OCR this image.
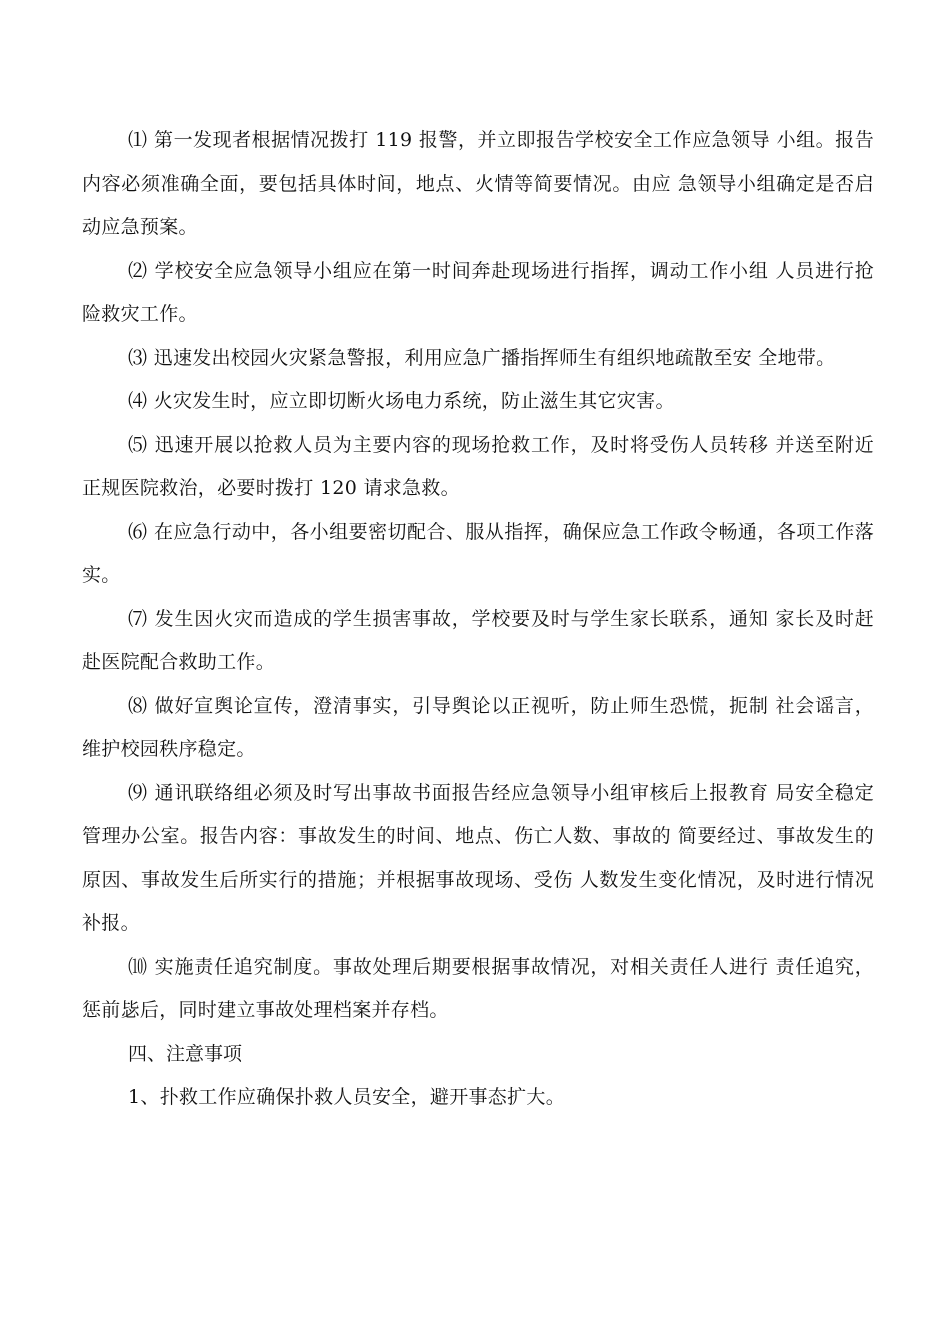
⑴ 第一发现者根据情况拨打 119 报警，并立即报告学校安全工作应急领导 小组。报告内容必须准确全面，要包括具体时间，地点、火情等简要情况。由应 急领导小组确定是否启动应急预案。

⑵ 学校安全应急领导小组应在第一时间奔赴现场进行指挥，调动工作小组 人员进行抢险救灾工作。

⑶ 迅速发出校园火灾紧急警报，利用应急广播指挥师生有组织地疏散至安 全地带。

⑷ 火灾发生时，应立即切断火场电力系统，防止滋生其它灾害。

⑸ 迅速开展以抢救人员为主要内容的现场抢救工作，及时将受伤人员转移 并送至附近正规医院救治，必要时拨打 120 请求急救。

⑹ 在应急行动中，各小组要密切配合、服从指挥，确保应急工作政令畅通，各项工作落实。

⑺ 发生因火灾而造成的学生损害事故，学校要及时与学生家长联系，通知 家长及时赶赴医院配合救助工作。

⑻ 做好宣舆论宣传，澄清事实，引导舆论以正视听，防止师生恐慌，扼制 社会谣言，维护校园秩序稳定。

⑼ 通讯联络组必须及时写出事故书面报告经应急领导小组审核后上报教育 局安全稳定管理办公室。报告内容：事故发生的时间、地点、伤亡人数、事故的 简要经过、事故发生的原因、事故发生后所实行的措施；并根据事故现场、受伤 人数发生变化情况，及时进行情况补报。

⑽ 实施责任追究制度。事故处理后期要根据事故情况，对相关责任人进行 责任追究，惩前毖后，同时建立事故处理档案并存档。

四、注意事项

1、扑救工作应确保扑救人员安全，避开事态扩大。
